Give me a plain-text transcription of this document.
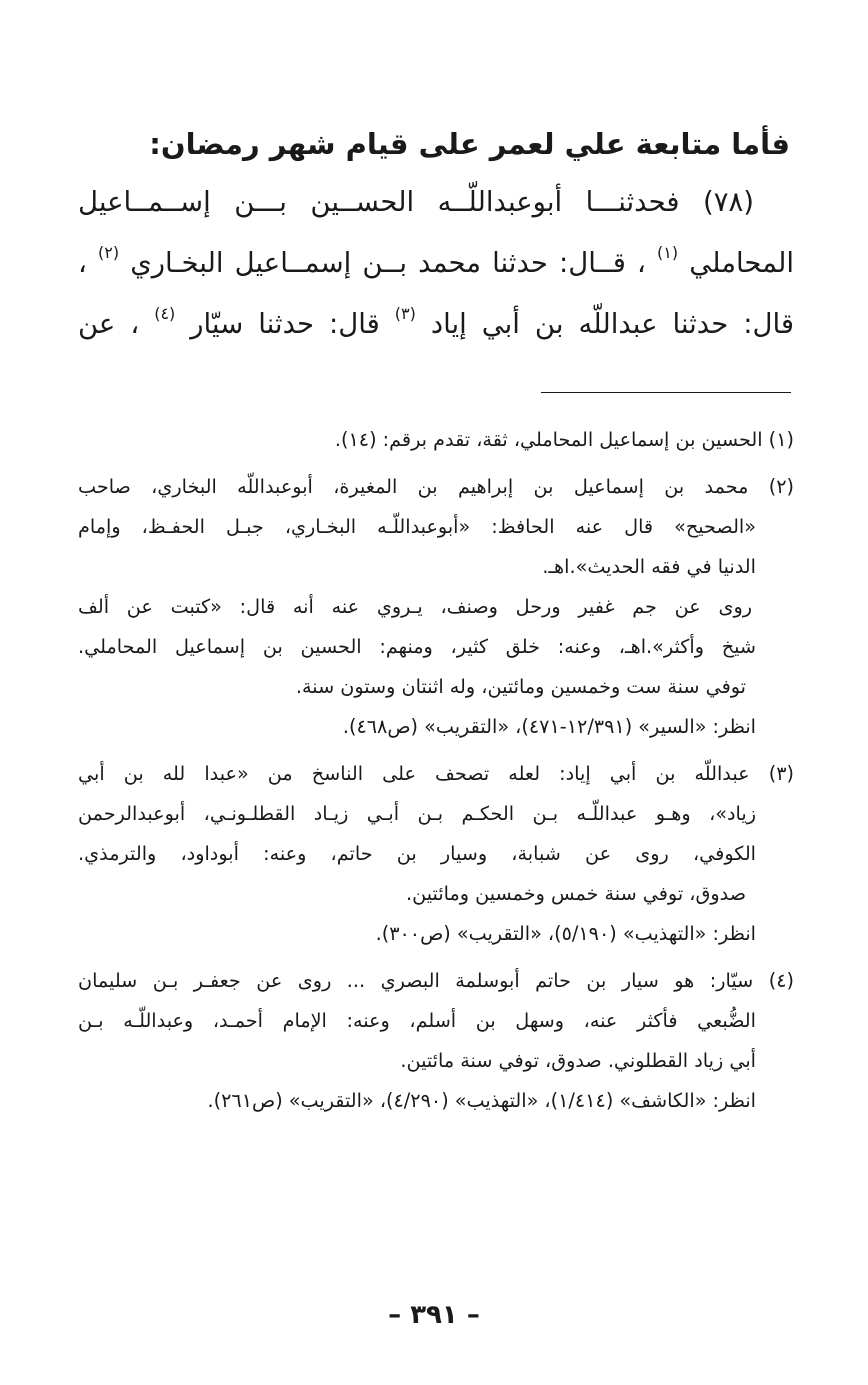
فأما متابعة علي لعمر على قيام شهر رمضان:
(٧٨) فحدثنـــا أبوعبداللّــه الحســين بـــن إســمــاعيل
المحاملي $^{(١)}$ ، قــال: حدثنا محمد بــن إسمــاعيل البخـاري $^{(٢)}$ ،
قال: حدثنا عبداللّه بن أبي إياد $^{(٣)}$ قال: حدثنا سيّار $^{(٤)}$ ، عن
(١) الحسين بن إسماعيل المحاملي، ثقة، تقدم برقم: (١٤).
(٢) محمد بن إسماعيل بن إبراهيم بن المغيرة، أبوعبداللّه البخاري، صاحب
«الصحيح» قال عنه الحافظ: «أبوعبداللّـه البخـاري، جبـل الحفـظ، وإمام
الدنيا في فقه الحديث».اهـ.
روى عن جم غفير ورحل وصنف، يـروي عنه أنه قال: «كتبت عن ألف
شيخ وأكثر».اهـ، وعنه: خلق كثير، ومنهم: الحسين بن إسماعيل المحاملي.
توفي سنة ست وخمسين ومائتين، وله اثنتان وستون سنة.
انظر: «السير» (١٢/٣٩١-٤٧١)، «التقريب» (ص٤٦٨).
(٣) عبداللّه بن أبي إياد: لعله تصحف على الناسخ من «عبدا لله بن أبي
زياد»، وهـو عبداللّـه بـن الحكـم بـن أبـي زيـاد القطلـونـي، أبوعبدالرحمن
الكوفي، روى عن شبابة، وسيار بن حاتم، وعنه: أبوداود، والترمذي.
صدوق، توفي سنة خمس وخمسين ومائتين.
انظر: «التهذيب» (٥/١٩٠)، «التقريب» (ص٣٠٠).
(٤) سيّار: هو سيار بن حاتم أبوسلمة البصري ... روى عن جعفـر بـن سليمان
الضُّبعي فأكثر عنه، وسهل بن أسلم، وعنه: الإمام أحمـد، وعبداللّـه بـن
أبي زياد القطلوني. صدوق، توفي سنة مائتين.
انظر: «الكاشف» (١/٤١٤)، «التهذيب» (٤/٢٩٠)، «التقريب» (ص٢٦١).
– ٣٩١ –
